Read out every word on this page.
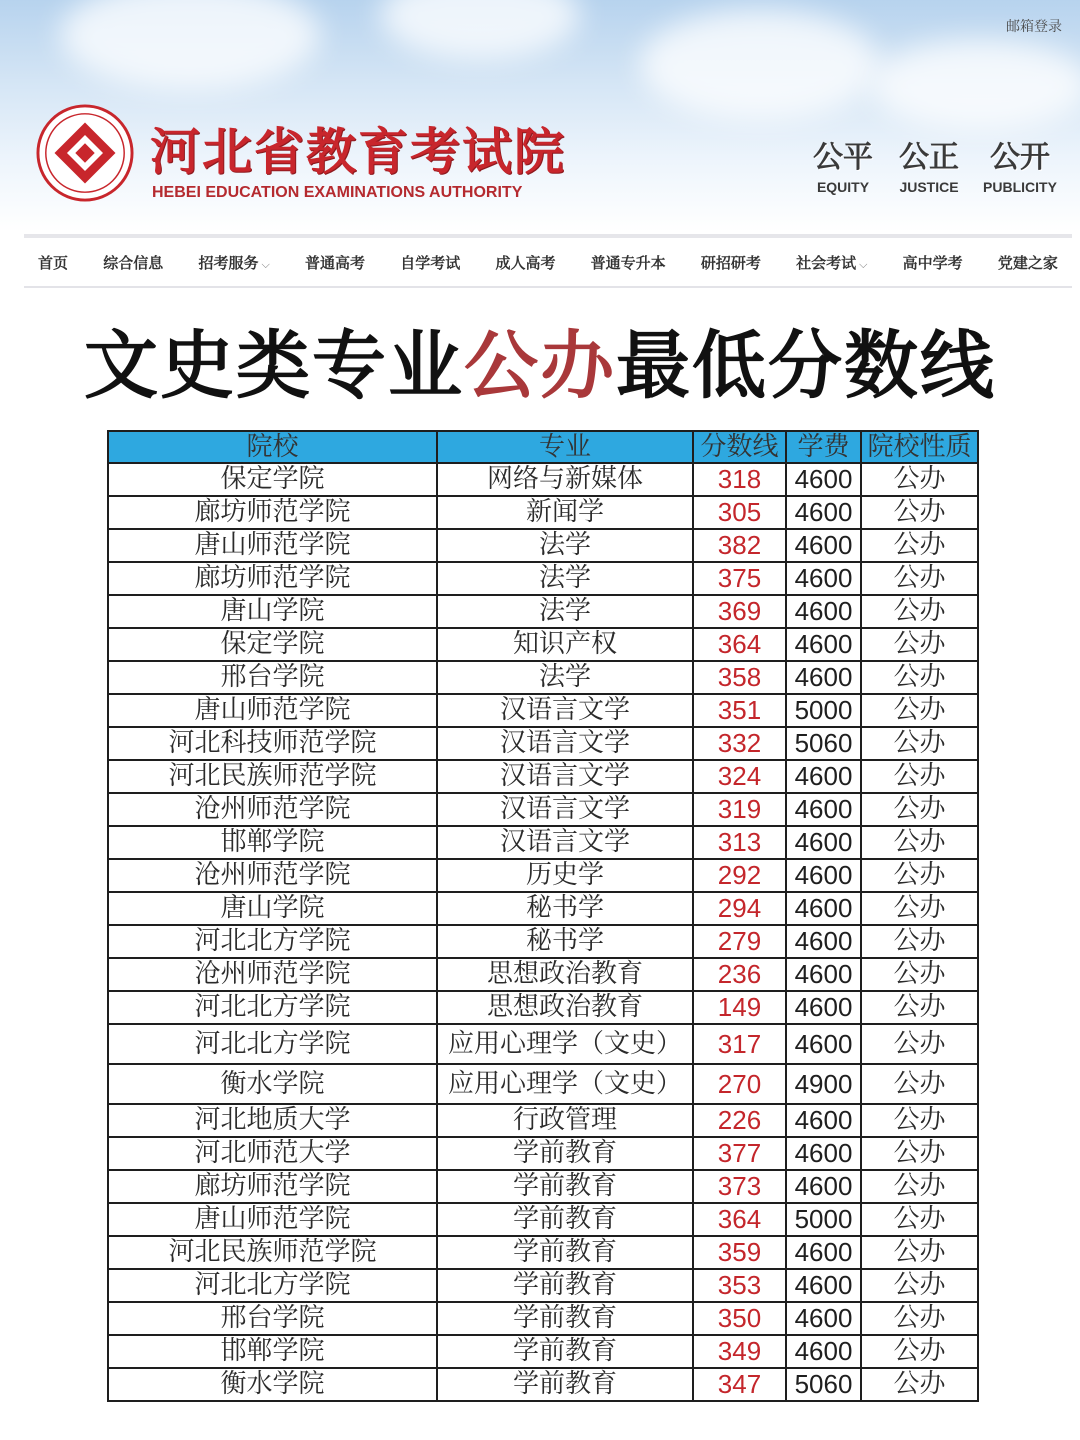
邮箱登录
河北省教育考试院
HEBEI EDUCATION EXAMINATIONS AUTHORITY
公平
EQUITY
公正
JUSTICE
公开
PUBLICITY
首页 综合信息 招考服务 ⌵ 普通高考 自学考试 成人高考 普通专升本 研招研考 社会考试 ⌵ 高中学考 党建之家
文史类专业公办最低分数线
院校	专业	分数线	学费	院校性质
保定学院	网络与新媒体	318	4600	公办
廊坊师范学院	新闻学	305	4600	公办
唐山师范学院	法学	382	4600	公办
廊坊师范学院	法学	375	4600	公办
唐山学院	法学	369	4600	公办
保定学院	知识产权	364	4600	公办
邢台学院	法学	358	4600	公办
唐山师范学院	汉语言文学	351	5000	公办
河北科技师范学院	汉语言文学	332	5060	公办
河北民族师范学院	汉语言文学	324	4600	公办
沧州师范学院	汉语言文学	319	4600	公办
邯郸学院	汉语言文学	313	4600	公办
沧州师范学院	历史学	292	4600	公办
唐山学院	秘书学	294	4600	公办
河北北方学院	秘书学	279	4600	公办
沧州师范学院	思想政治教育	236	4600	公办
河北北方学院	思想政治教育	149	4600	公办
河北北方学院	应用心理学（文史）	317	4600	公办
衡水学院	应用心理学（文史）	270	4900	公办
河北地质大学	行政管理	226	4600	公办
河北师范大学	学前教育	377	4600	公办
廊坊师范学院	学前教育	373	4600	公办
唐山师范学院	学前教育	364	5000	公办
河北民族师范学院	学前教育	359	4600	公办
河北北方学院	学前教育	353	4600	公办
邢台学院	学前教育	350	4600	公办
邯郸学院	学前教育	349	4600	公办
衡水学院	学前教育	347	5060	公办
